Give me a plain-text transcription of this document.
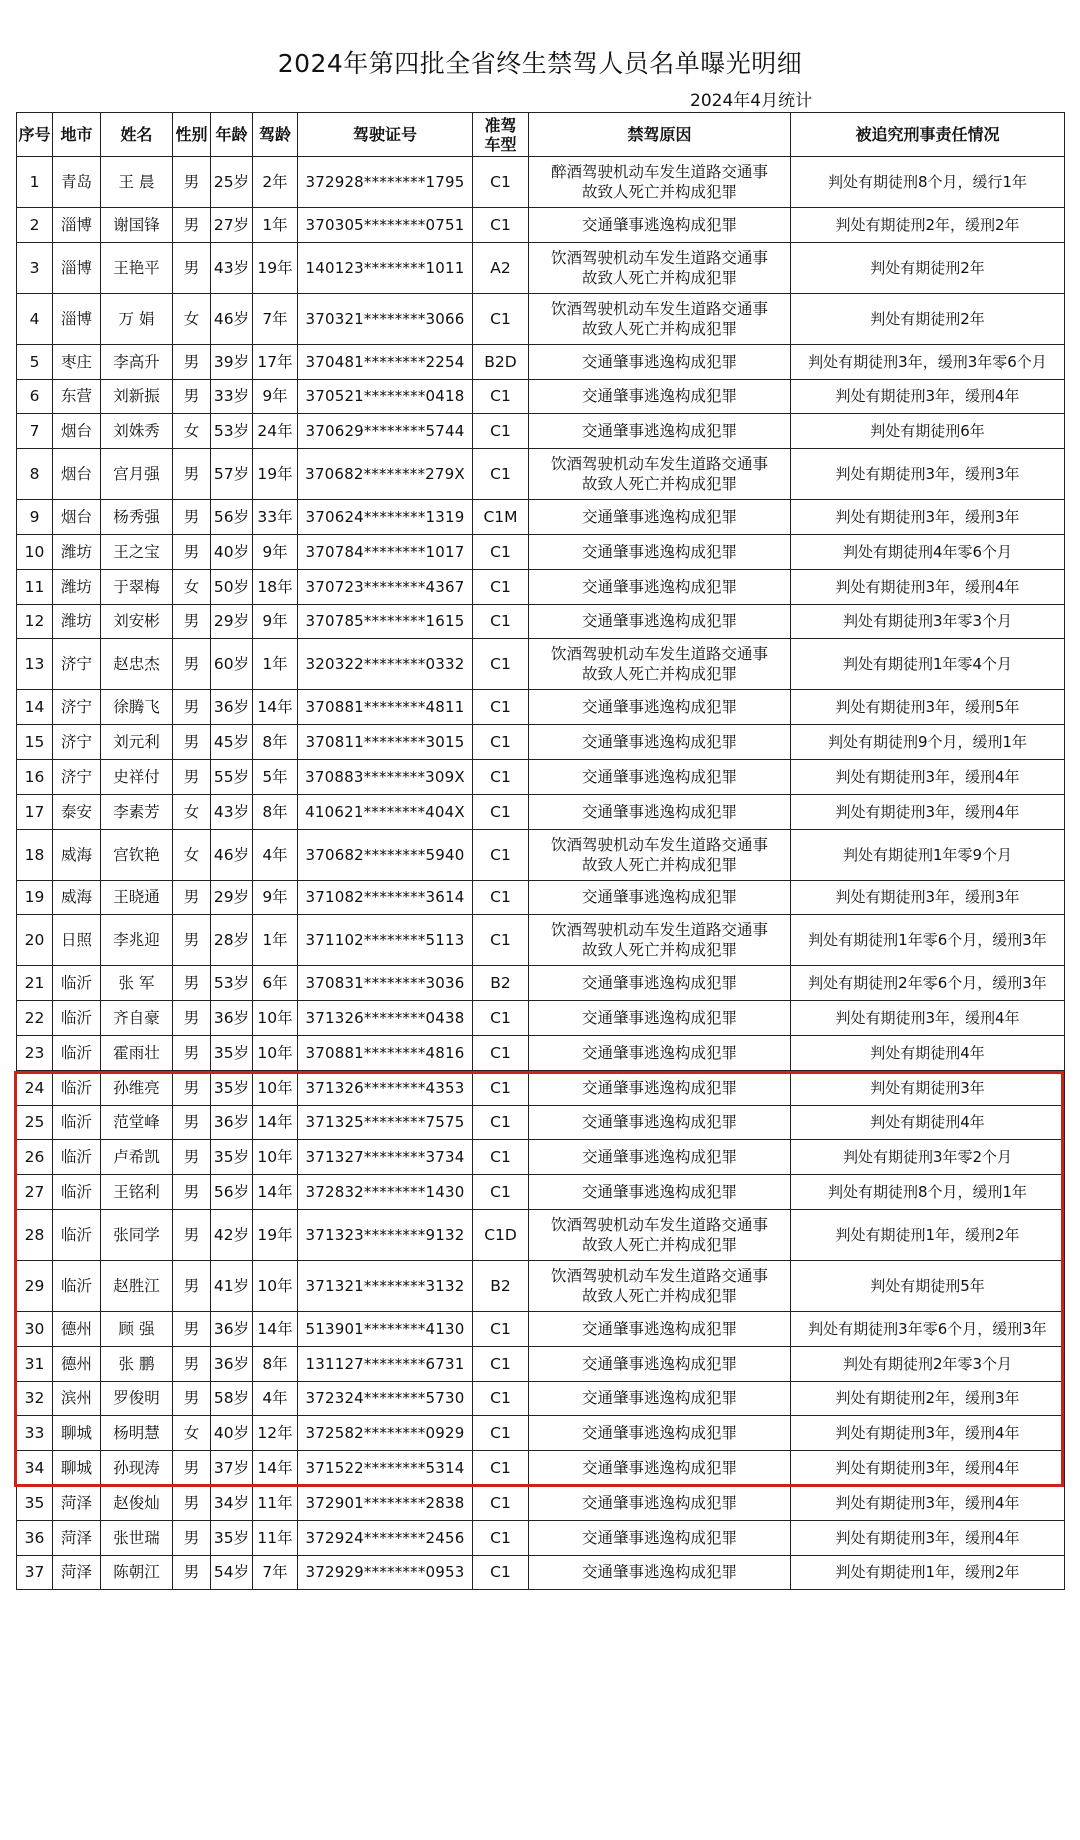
2024年第四批全省终生禁驾人员名单曝光明细
2024年4月统计
序号	地市	姓名	性别	年龄	驾龄	驾驶证号	准驾车型	禁驾原因	被追究刑事责任情况
1	青岛	王 晨	男	25岁	2年	372928********1795	C1	醉酒驾驶机动车发生道路交通事故致人死亡并构成犯罪	判处有期徒刑8个月，缓行1年
2	淄博	谢国锋	男	27岁	1年	370305********0751	C1	交通肇事逃逸构成犯罪	判处有期徒刑2年，缓刑2年
3	淄博	王艳平	男	43岁	19年	140123********1011	A2	饮酒驾驶机动车发生道路交通事故致人死亡并构成犯罪	判处有期徒刑2年
4	淄博	万 娟	女	46岁	7年	370321********3066	C1	饮酒驾驶机动车发生道路交通事故致人死亡并构成犯罪	判处有期徒刑2年
5	枣庄	李高升	男	39岁	17年	370481********2254	B2D	交通肇事逃逸构成犯罪	判处有期徒刑3年，缓刑3年零6个月
6	东营	刘新振	男	33岁	9年	370521********0418	C1	交通肇事逃逸构成犯罪	判处有期徒刑3年，缓刑4年
7	烟台	刘姝秀	女	53岁	24年	370629********5744	C1	交通肇事逃逸构成犯罪	判处有期徒刑6年
8	烟台	宫月强	男	57岁	19年	370682********279X	C1	饮酒驾驶机动车发生道路交通事故致人死亡并构成犯罪	判处有期徒刑3年，缓刑3年
9	烟台	杨秀强	男	56岁	33年	370624********1319	C1M	交通肇事逃逸构成犯罪	判处有期徒刑3年，缓刑3年
10	潍坊	王之宝	男	40岁	9年	370784********1017	C1	交通肇事逃逸构成犯罪	判处有期徒刑4年零6个月
11	潍坊	于翠梅	女	50岁	18年	370723********4367	C1	交通肇事逃逸构成犯罪	判处有期徒刑3年，缓刑4年
12	潍坊	刘安彬	男	29岁	9年	370785********1615	C1	交通肇事逃逸构成犯罪	判处有期徒刑3年零3个月
13	济宁	赵忠杰	男	60岁	1年	320322********0332	C1	饮酒驾驶机动车发生道路交通事故致人死亡并构成犯罪	判处有期徒刑1年零4个月
14	济宁	徐腾飞	男	36岁	14年	370881********4811	C1	交通肇事逃逸构成犯罪	判处有期徒刑3年，缓刑5年
15	济宁	刘元利	男	45岁	8年	370811********3015	C1	交通肇事逃逸构成犯罪	判处有期徒刑9个月，缓刑1年
16	济宁	史祥付	男	55岁	5年	370883********309X	C1	交通肇事逃逸构成犯罪	判处有期徒刑3年，缓刑4年
17	泰安	李素芳	女	43岁	8年	410621********404X	C1	交通肇事逃逸构成犯罪	判处有期徒刑3年，缓刑4年
18	威海	宫钦艳	女	46岁	4年	370682********5940	C1	饮酒驾驶机动车发生道路交通事故致人死亡并构成犯罪	判处有期徒刑1年零9个月
19	威海	王晓通	男	29岁	9年	371082********3614	C1	交通肇事逃逸构成犯罪	判处有期徒刑3年，缓刑3年
20	日照	李兆迎	男	28岁	1年	371102********5113	C1	饮酒驾驶机动车发生道路交通事故致人死亡并构成犯罪	判处有期徒刑1年零6个月，缓刑3年
21	临沂	张 军	男	53岁	6年	370831********3036	B2	交通肇事逃逸构成犯罪	判处有期徒刑2年零6个月，缓刑3年
22	临沂	齐自豪	男	36岁	10年	371326********0438	C1	交通肇事逃逸构成犯罪	判处有期徒刑3年，缓刑4年
23	临沂	霍雨壮	男	35岁	10年	370881********4816	C1	交通肇事逃逸构成犯罪	判处有期徒刑4年
24	临沂	孙维亮	男	35岁	10年	371326********4353	C1	交通肇事逃逸构成犯罪	判处有期徒刑3年
25	临沂	范堂峰	男	36岁	14年	371325********7575	C1	交通肇事逃逸构成犯罪	判处有期徒刑4年
26	临沂	卢希凯	男	35岁	10年	371327********3734	C1	交通肇事逃逸构成犯罪	判处有期徒刑3年零2个月
27	临沂	王铭利	男	56岁	14年	372832********1430	C1	交通肇事逃逸构成犯罪	判处有期徒刑8个月，缓刑1年
28	临沂	张同学	男	42岁	19年	371323********9132	C1D	饮酒驾驶机动车发生道路交通事故致人死亡并构成犯罪	判处有期徒刑1年，缓刑2年
29	临沂	赵胜江	男	41岁	10年	371321********3132	B2	饮酒驾驶机动车发生道路交通事故致人死亡并构成犯罪	判处有期徒刑5年
30	德州	顾 强	男	36岁	14年	513901********4130	C1	交通肇事逃逸构成犯罪	判处有期徒刑3年零6个月，缓刑3年
31	德州	张 鹏	男	36岁	8年	131127********6731	C1	交通肇事逃逸构成犯罪	判处有期徒刑2年零3个月
32	滨州	罗俊明	男	58岁	4年	372324********5730	C1	交通肇事逃逸构成犯罪	判处有期徒刑2年，缓刑3年
33	聊城	杨明慧	女	40岁	12年	372582********0929	C1	交通肇事逃逸构成犯罪	判处有期徒刑3年，缓刑4年
34	聊城	孙现涛	男	37岁	14年	371522********5314	C1	交通肇事逃逸构成犯罪	判处有期徒刑3年，缓刑4年
35	菏泽	赵俊灿	男	34岁	11年	372901********2838	C1	交通肇事逃逸构成犯罪	判处有期徒刑3年，缓刑4年
36	菏泽	张世瑞	男	35岁	11年	372924********2456	C1	交通肇事逃逸构成犯罪	判处有期徒刑3年，缓刑4年
37	菏泽	陈朝江	男	54岁	7年	372929********0953	C1	交通肇事逃逸构成犯罪	判处有期徒刑1年，缓刑2年
